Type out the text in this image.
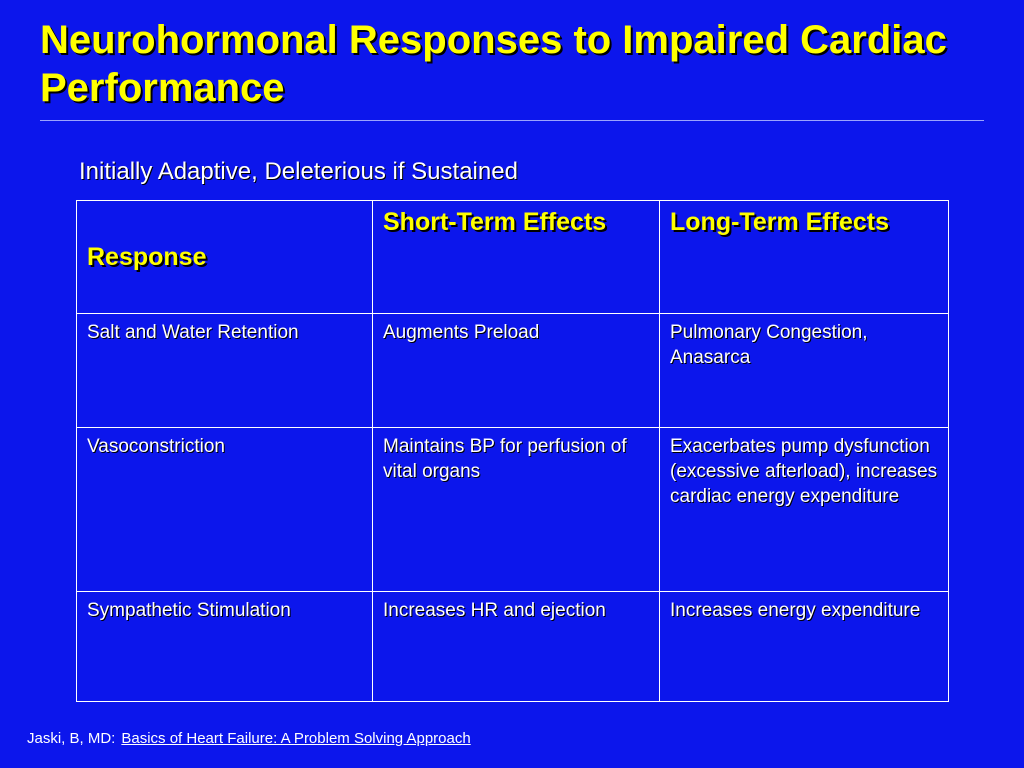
Neurohormonal Responses to Impaired Cardiac Performance

Initially Adaptive, Deleterious if Sustained

Response	Short-Term Effects	Long-Term Effects
Salt and Water Retention	Augments Preload	Pulmonary Congestion, Anasarca
Vasoconstriction	Maintains BP for perfusion of vital organs	Exacerbates pump dysfunction (excessive afterload), increases cardiac energy expenditure
Sympathetic Stimulation	Increases HR and ejection	Increases energy expenditure
Jaski, B, MD: Basics of Heart Failure: A Problem Solving Approach
